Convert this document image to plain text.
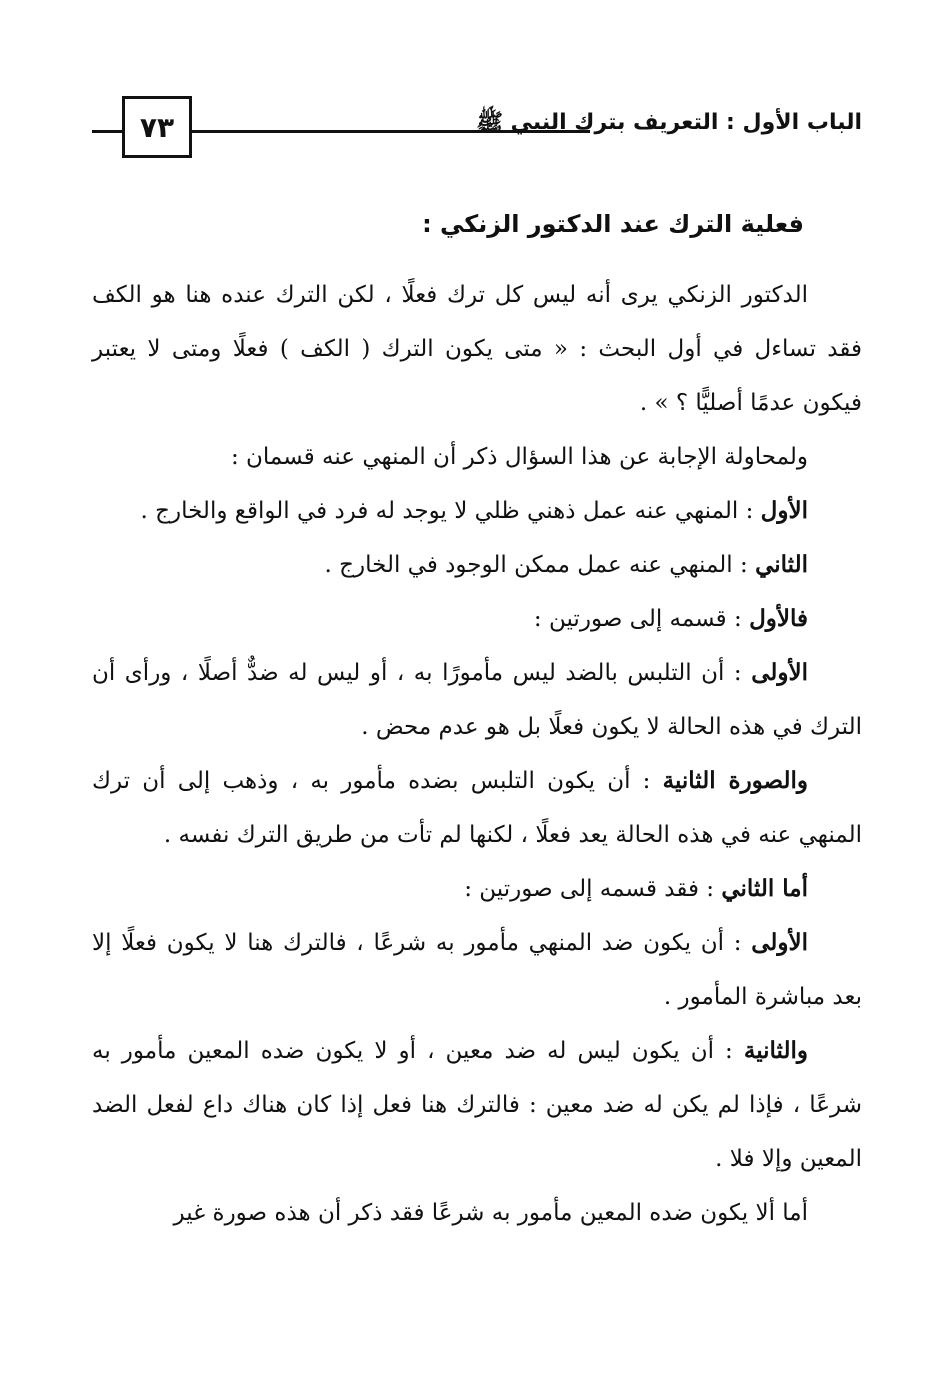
٧٣	الباب الأول : التعريف بترك النبي ﷺ
فعلية الترك عند الدكتور الزنكي :

الدكتور الزنكي يرى أنه ليس كل ترك فعلًا ، لكن الترك عنده هنا هو الكف فقد تساءل في أول البحث : « متى يكون الترك ( الكف ) فعلًا ومتى لا يعتبر فيكون عدمًا أصليًّا ؟ » .

ولمحاولة الإجابة عن هذا السؤال ذكر أن المنهي عنه قسمان :

الأول : المنهي عنه عمل ذهني ظلي لا يوجد له فرد في الواقع والخارج .

الثاني : المنهي عنه عمل ممكن الوجود في الخارج .

فالأول : قسمه إلى صورتين :

الأولى : أن التلبس بالضد ليس مأمورًا به ، أو ليس له ضدٌّ أصلًا ، ورأى أن الترك في هذه الحالة لا يكون فعلًا بل هو عدم محض .

والصورة الثانية : أن يكون التلبس بضده مأمور به ، وذهب إلى أن ترك المنهي عنه في هذه الحالة يعد فعلًا ، لكنها لم تأت من طريق الترك نفسه .

أما الثاني : فقد قسمه إلى صورتين :

الأولى : أن يكون ضد المنهي مأمور به شرعًا ، فالترك هنا لا يكون فعلًا إلا بعد مباشرة المأمور .

والثانية : أن يكون ليس له ضد معين ، أو لا يكون ضده المعين مأمور به شرعًا ، فإذا لم يكن له ضد معين : فالترك هنا فعل إذا كان هناك داع لفعل الضد المعين وإلا فلا .

أما ألا يكون ضده المعين مأمور به شرعًا فقد ذكر أن هذه صورة غير
